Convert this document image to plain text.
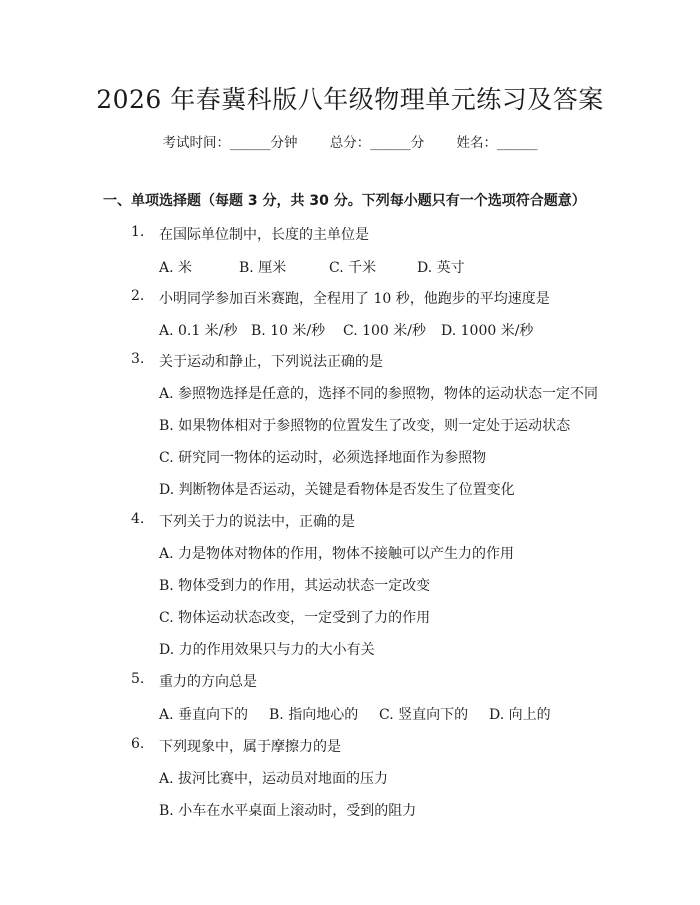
2026 年春冀科版八年级物理单元练习及答案
考试时间：______分钟 总分：______分 姓名：______
一、单项选择题（每题 3 分，共 30 分。下列每小题只有一个选项符合题意）
1. 在国际单位制中，长度的主单位是
A. 米	B. 厘米	C. 千米	D. 英寸
2. 小明同学参加百米赛跑，全程用了 10 秒，他跑步的平均速度是
A. 0.1 米/秒 B. 10 米/秒 C. 100 米/秒 D. 1000 米/秒
3. 关于运动和静止，下列说法正确的是
A. 参照物选择是任意的，选择不同的参照物，物体的运动状态一定不同
B. 如果物体相对于参照物的位置发生了改变，则一定处于运动状态
C. 研究同一物体的运动时，必须选择地面作为参照物
D. 判断物体是否运动，关键是看物体是否发生了位置变化
4. 下列关于力的说法中，正确的是
A. 力是物体对物体的作用，物体不接触可以产生力的作用
B. 物体受到力的作用，其运动状态一定改变
C. 物体运动状态改变，一定受到了力的作用
D. 力的作用效果只与力的大小有关
5. 重力的方向总是
A. 垂直向下的 B. 指向地心的 C. 竖直向下的 D. 向上的
6. 下列现象中，属于摩擦力的是
A. 拔河比赛中，运动员对地面的压力
B. 小车在水平桌面上滚动时，受到的阻力
